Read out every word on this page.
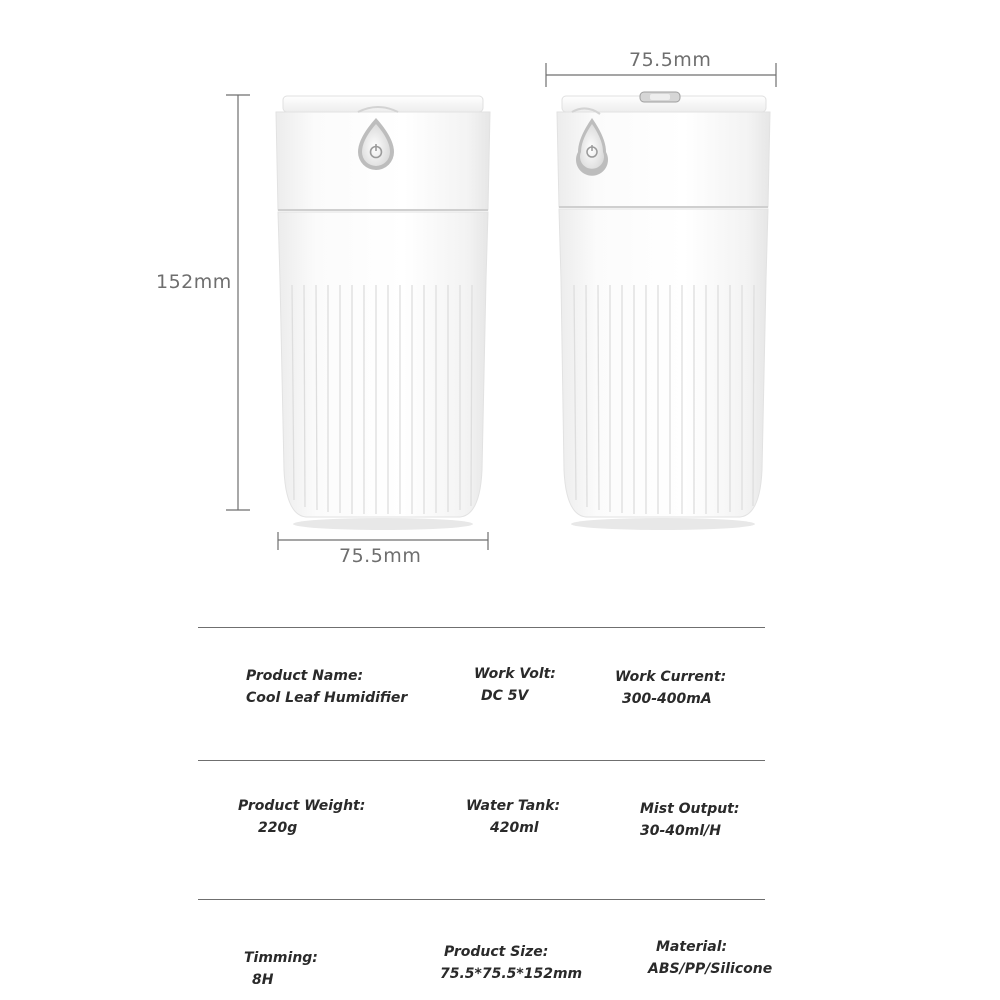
152mm
75.5mm
75.5mm
Product Name:
Cool Leaf Humidifier
Work Volt:
DC 5V
Work Current:
300-400mA
Product Weight:
220g
Water Tank:
420ml
Mist Output:
30-40ml/H
Timming:
8H
Product Size:
75.5*75.5*152mm
Material:
ABS/PP/Silicone
